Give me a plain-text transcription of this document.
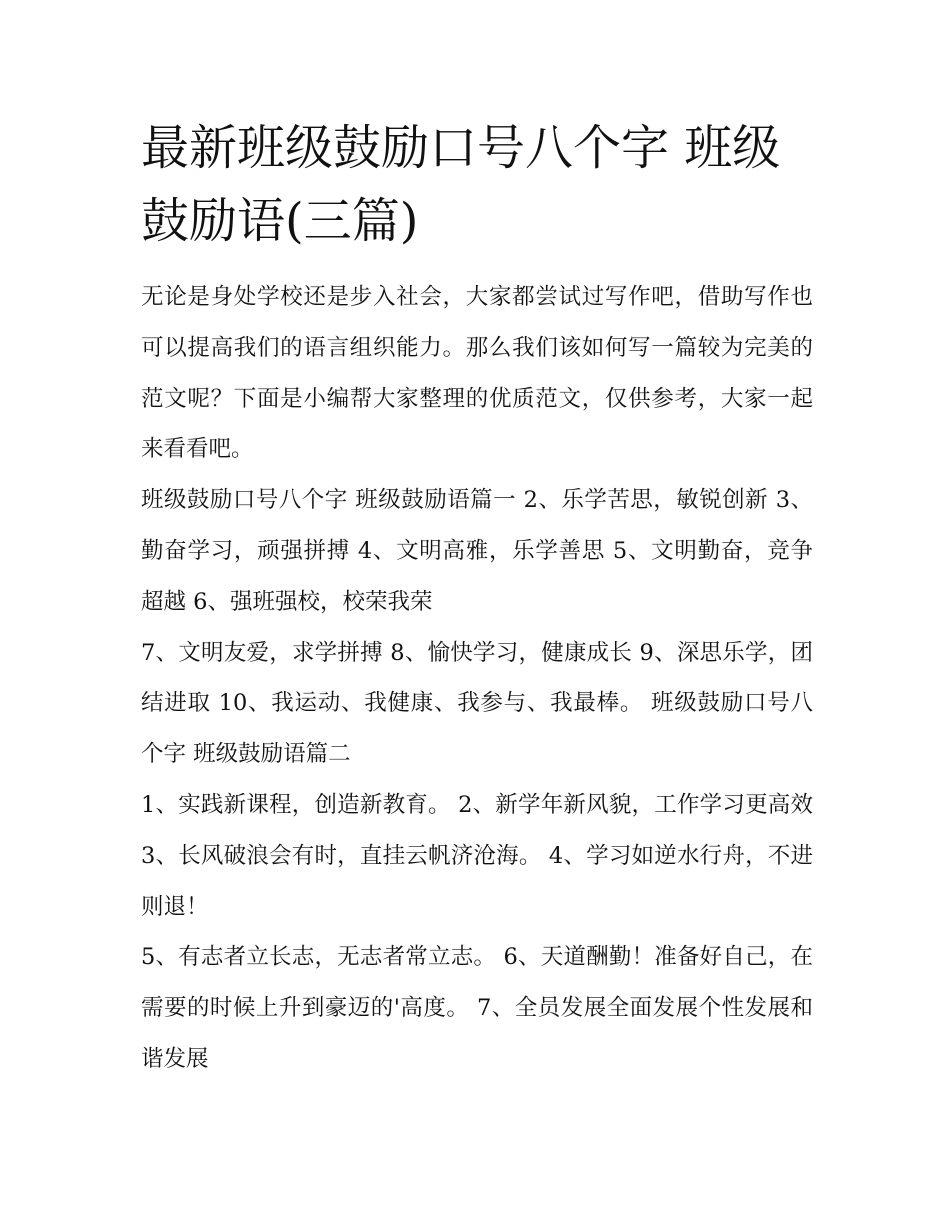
最新班级鼓励口号八个字 班级鼓励语(三篇)

无论是身处学校还是步入社会，大家都尝试过写作吧，借助写作也可以提高我们的语言组织能力。那么我们该如何写一篇较为完美的范文呢？下面是小编帮大家整理的优质范文，仅供参考，大家一起来看看吧。

班级鼓励口号八个字 班级鼓励语篇一 2、乐学苦思，敏锐创新 3、勤奋学习，顽强拼搏 4、文明高雅，乐学善思 5、文明勤奋，竞争超越 6、强班强校，校荣我荣

7、文明友爱，求学拼搏 8、愉快学习，健康成长 9、深思乐学，团结进取 10、我运动、我健康、我参与、我最棒。 班级鼓励口号八个字 班级鼓励语篇二

1、实践新课程，创造新教育。 2、新学年新风貌，工作学习更高效 3、长风破浪会有时，直挂云帆济沧海。 4、学习如逆水行舟，不进则退！

5、有志者立长志，无志者常立志。 6、天道酬勤！准备好自己，在需要的时候上升到豪迈的'高度。 7、全员发展全面发展个性发展和谐发展
